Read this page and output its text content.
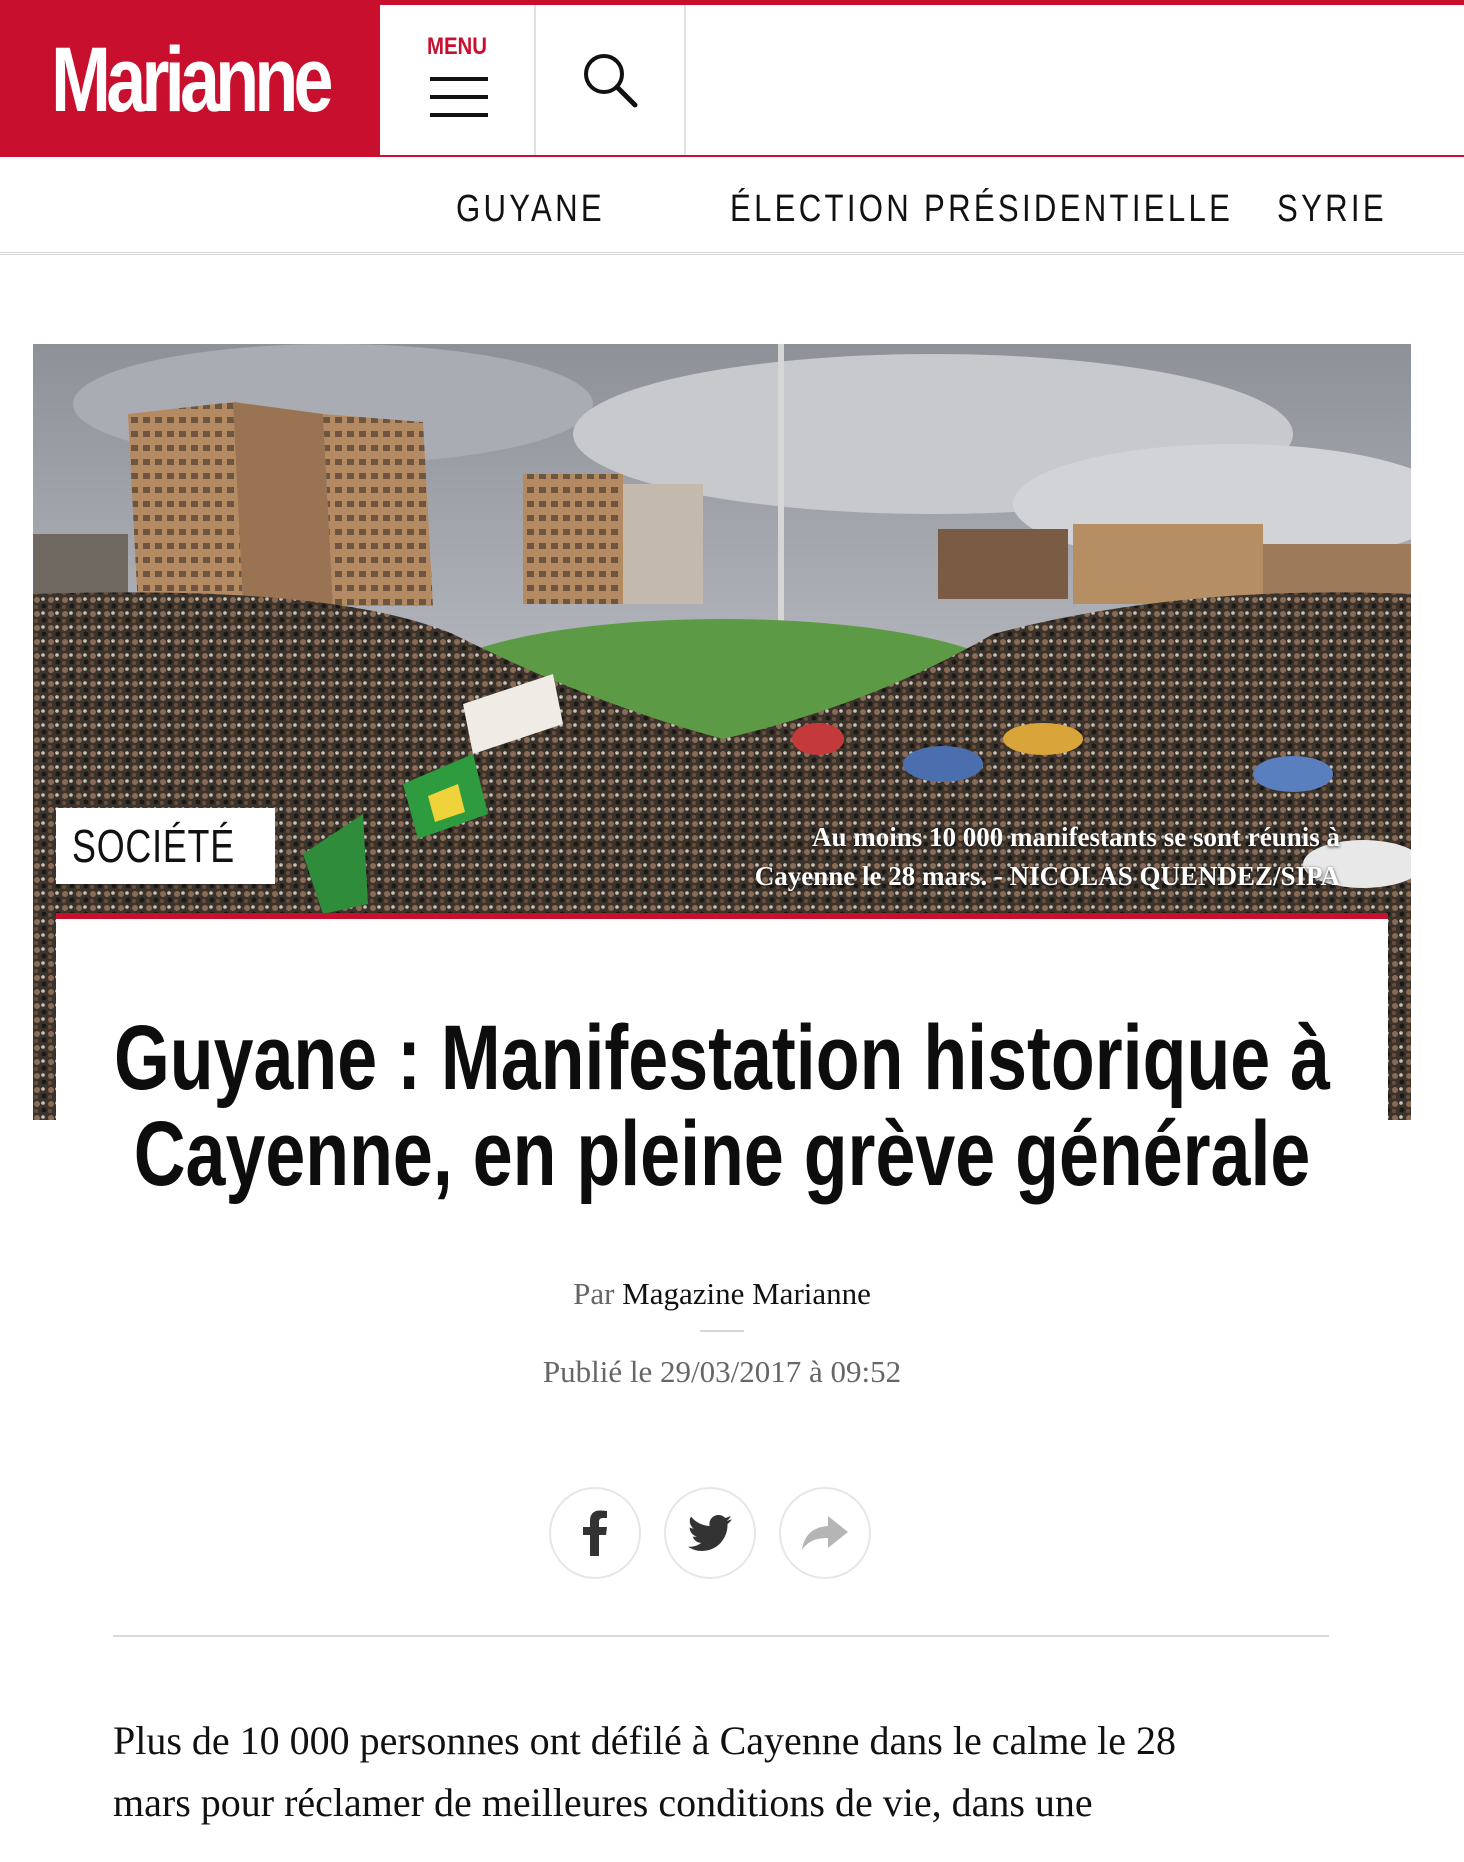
Marianne	MENU
GUYANE	ÉLECTION PRÉSIDENTIELLE SYRIE
SOCIÉTÉ	Au moins 10 000 manifestants se sont réunis à
Cayenne le 28 mars. - NICOLAS QUENDEZ/SIPA
Guyane : Manifestation historique à
Cayenne, en pleine grève générale
Par Magazine Marianne
Publié le 29/03/2017 à 09:52

Plus de 10 000 personnes ont défilé à Cayenne dans le calme le 28
mars pour réclamer de meilleures conditions de vie, dans une
